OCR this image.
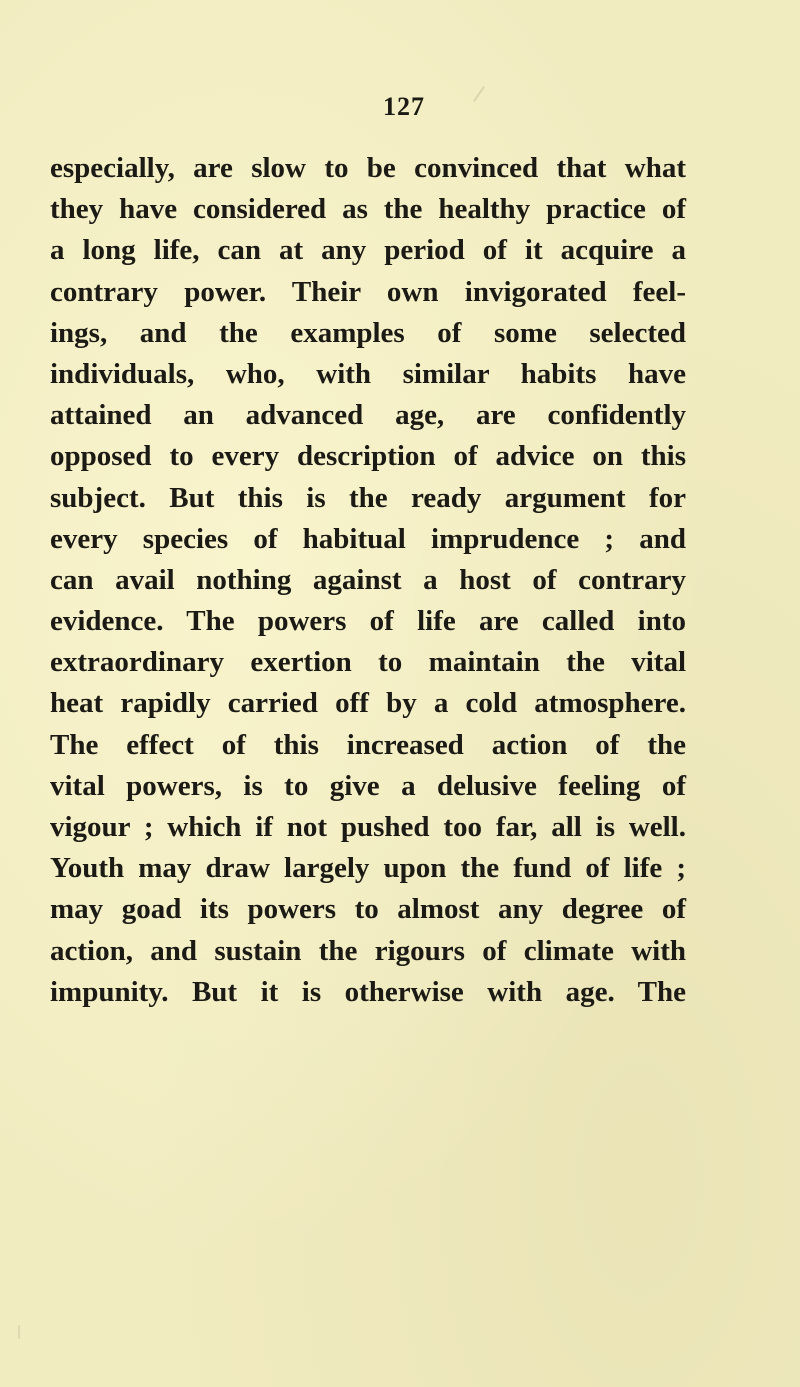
127

especially, are slow to be convinced that what
they have considered as the healthy practice of
a long life, can at any period of it acquire a
contrary power. Their own invigorated feel-
ings, and the examples of some selected
individuals, who, with similar habits have
attained an advanced age, are confidently
opposed to every description of advice on this
subject. But this is the ready argument for
every species of habitual imprudence ; and
can avail nothing against a host of contrary
evidence. The powers of life are called into
extraordinary exertion to maintain the vital
heat rapidly carried off by a cold atmosphere.
The effect of this increased action of the
vital powers, is to give a delusive feeling of
vigour ; which if not pushed too far, all is well.
Youth may draw largely upon the fund of life ;
may goad its powers to almost any degree of
action, and sustain the rigours of climate with
impunity. But it is otherwise with age. The
